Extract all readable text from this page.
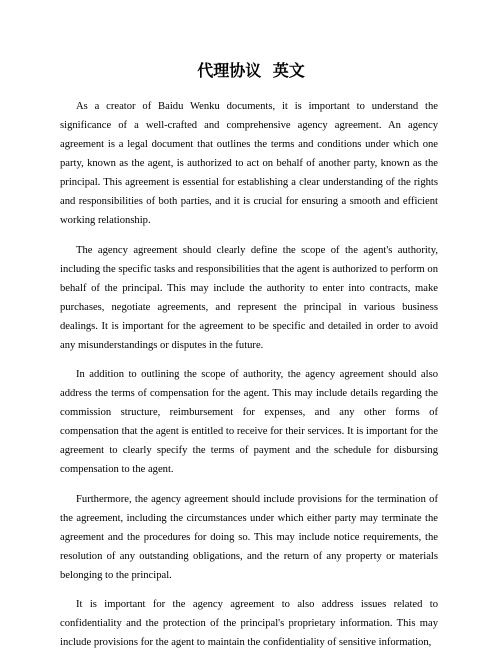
代理协议 英文

As a creator of Baidu Wenku documents, it is important to understand the significance of a well-crafted and comprehensive agency agreement. An agency agreement is a legal document that outlines the terms and conditions under which one party, known as the agent, is authorized to act on behalf of another party, known as the principal. This agreement is essential for establishing a clear understanding of the rights and responsibilities of both parties, and it is crucial for ensuring a smooth and efficient working relationship.

The agency agreement should clearly define the scope of the agent's authority, including the specific tasks and responsibilities that the agent is authorized to perform on behalf of the principal. This may include the authority to enter into contracts, make purchases, negotiate agreements, and represent the principal in various business dealings. It is important for the agreement to be specific and detailed in order to avoid any misunderstandings or disputes in the future.

In addition to outlining the scope of authority, the agency agreement should also address the terms of compensation for the agent. This may include details regarding the commission structure, reimbursement for expenses, and any other forms of compensation that the agent is entitled to receive for their services. It is important for the agreement to clearly specify the terms of payment and the schedule for disbursing compensation to the agent.

Furthermore, the agency agreement should include provisions for the termination of the agreement, including the circumstances under which either party may terminate the agreement and the procedures for doing so. This may include notice requirements, the resolution of any outstanding obligations, and the return of any property or materials belonging to the principal.

It is important for the agency agreement to also address issues related to confidentiality and the protection of the principal's proprietary information. This may include provisions for the agent to maintain the confidentiality of sensitive information,
